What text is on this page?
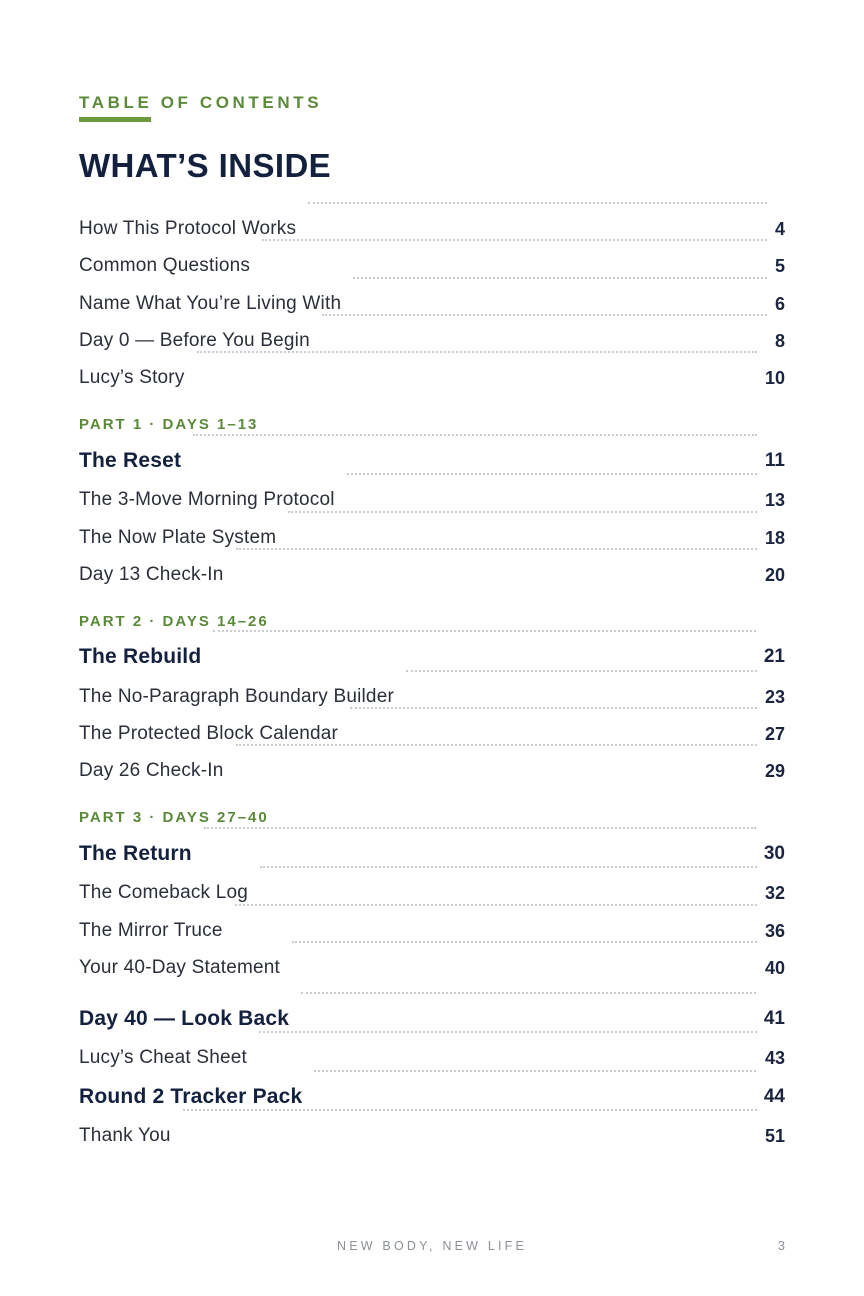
TABLE OF CONTENTS
WHAT’S INSIDE
How This Protocol Works	4
Common Questions	5
Name What You’re Living With	6
Day 0 — Before You Begin	8
Lucy’s Story	10
PART 1 · DAYS 1–13
The Reset	11
The 3-Move Morning Protocol	13
The Now Plate System	18
Day 13 Check-In	20
PART 2 · DAYS 14–26
The Rebuild	21
The No-Paragraph Boundary Builder	23
The Protected Block Calendar	27
Day 26 Check-In	29
PART 3 · DAYS 27–40
The Return	30
The Comeback Log	32
The Mirror Truce	36
Your 40-Day Statement	40
Day 40 — Look Back	41
Lucy’s Cheat Sheet	43
Round 2 Tracker Pack	44
Thank You	51
NEW BODY, NEW LIFE	3
